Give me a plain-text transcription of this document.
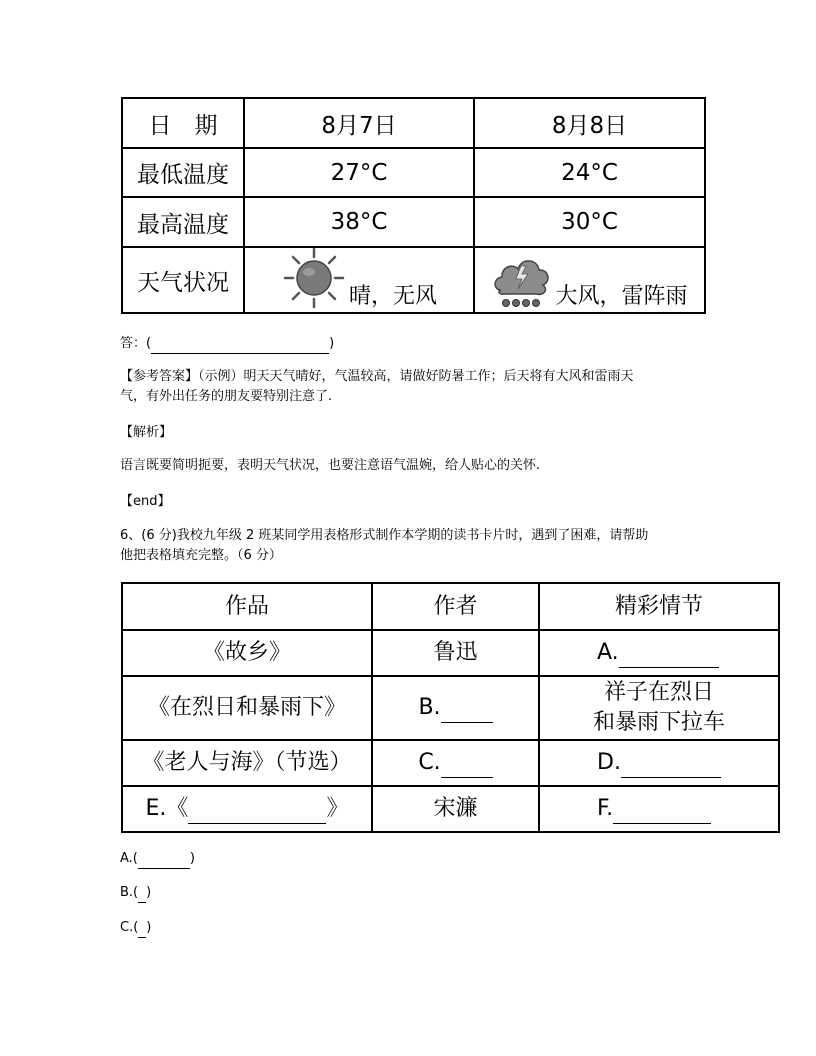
日　期	8月7日	8月8日
最低温度	27°C	24°C
最高温度	38°C	30°C
天气状况	晴，无风	大风，雷阵雨
答：(	)
【参考答案】（示例）明天天气晴好，气温较高，请做好防暑工作；后天将有大风和雷雨天
气，有外出任务的朋友要特别注意了.
【解析】
语言既要简明扼要，表明天气状况，也要注意语气温婉，给人贴心的关怀.
【end】
6、(6 分)我校九年级 2 班某同学用表格形式制作本学期的读书卡片时，遇到了困难，请帮助
他把表格填充完整。（6 分）
作品	作者	精彩情节
《故乡》	鲁迅	A.
《在烈日和暴雨下》	B.	祥子在烈日
和暴雨下拉车

《老人与海》（节选）	C.	D.
E.《 》	宋濂	F.
A.(	)
B.( )
C.( )
